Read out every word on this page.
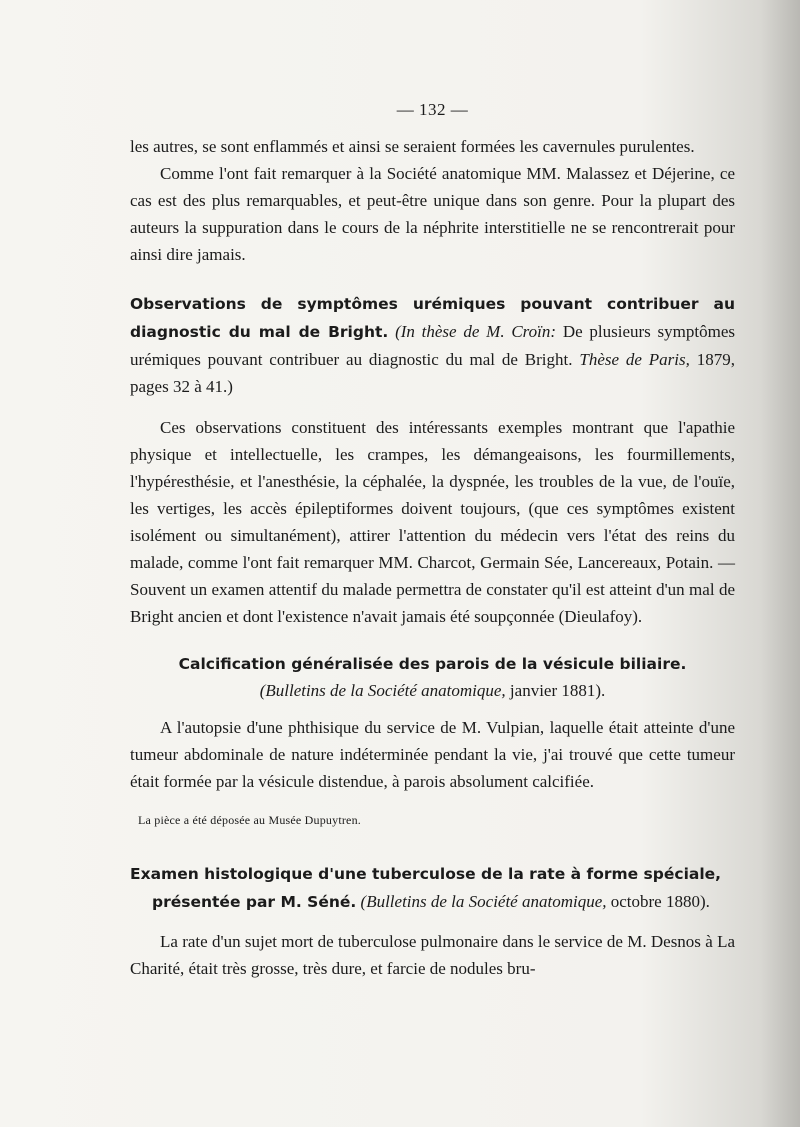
— 132 —

les autres, se sont enflammés et ainsi se seraient formées les cavernules purulentes.

Comme l'ont fait remarquer à la Société anatomique MM. Malassez et Déjerine, ce cas est des plus remarquables, et peut-être unique dans son genre. Pour la plupart des auteurs la suppuration dans le cours de la néphrite interstitielle ne se rencontrerait pour ainsi dire jamais.

Observations de symptômes urémiques pouvant contribuer au diagnostic du mal de Bright. (In thèse de M. Croïn: De plusieurs symptômes urémiques pouvant contribuer au diagnostic du mal de Bright. Thèse de Paris, 1879, pages 32 à 41.)

Ces observations constituent des intéressants exemples montrant que l'apathie physique et intellectuelle, les crampes, les démangeaisons, les fourmillements, l'hypéresthésie, et l'anesthésie, la céphalée, la dyspnée, les troubles de la vue, de l'ouïe, les vertiges, les accès épileptiformes doivent toujours, (que ces symptômes existent isolément ou simultanément), attirer l'attention du médecin vers l'état des reins du malade, comme l'ont fait remarquer MM. Charcot, Germain Sée, Lancereaux, Potain. — Souvent un examen attentif du malade permettra de constater qu'il est atteint d'un mal de Bright ancien et dont l'existence n'avait jamais été soupçonnée (Dieulafoy).

Calcification généralisée des parois de la vésicule biliaire.
(Bulletins de la Société anatomique, janvier 1881).

A l'autopsie d'une phthisique du service de M. Vulpian, laquelle était atteinte d'une tumeur abdominale de nature indéterminée pendant la vie, j'ai trouvé que cette tumeur était formée par la vésicule distendue, à parois absolument calcifiée.

La pièce a été déposée au Musée Dupuytren.

Examen histologique d'une tuberculose de la rate à forme spéciale,

présentée par M. Séné. (Bulletins de la Société anatomique, octobre 1880).

La rate d'un sujet mort de tuberculose pulmonaire dans le service de M. Desnos à La Charité, était très grosse, très dure, et farcie de nodules bru-
